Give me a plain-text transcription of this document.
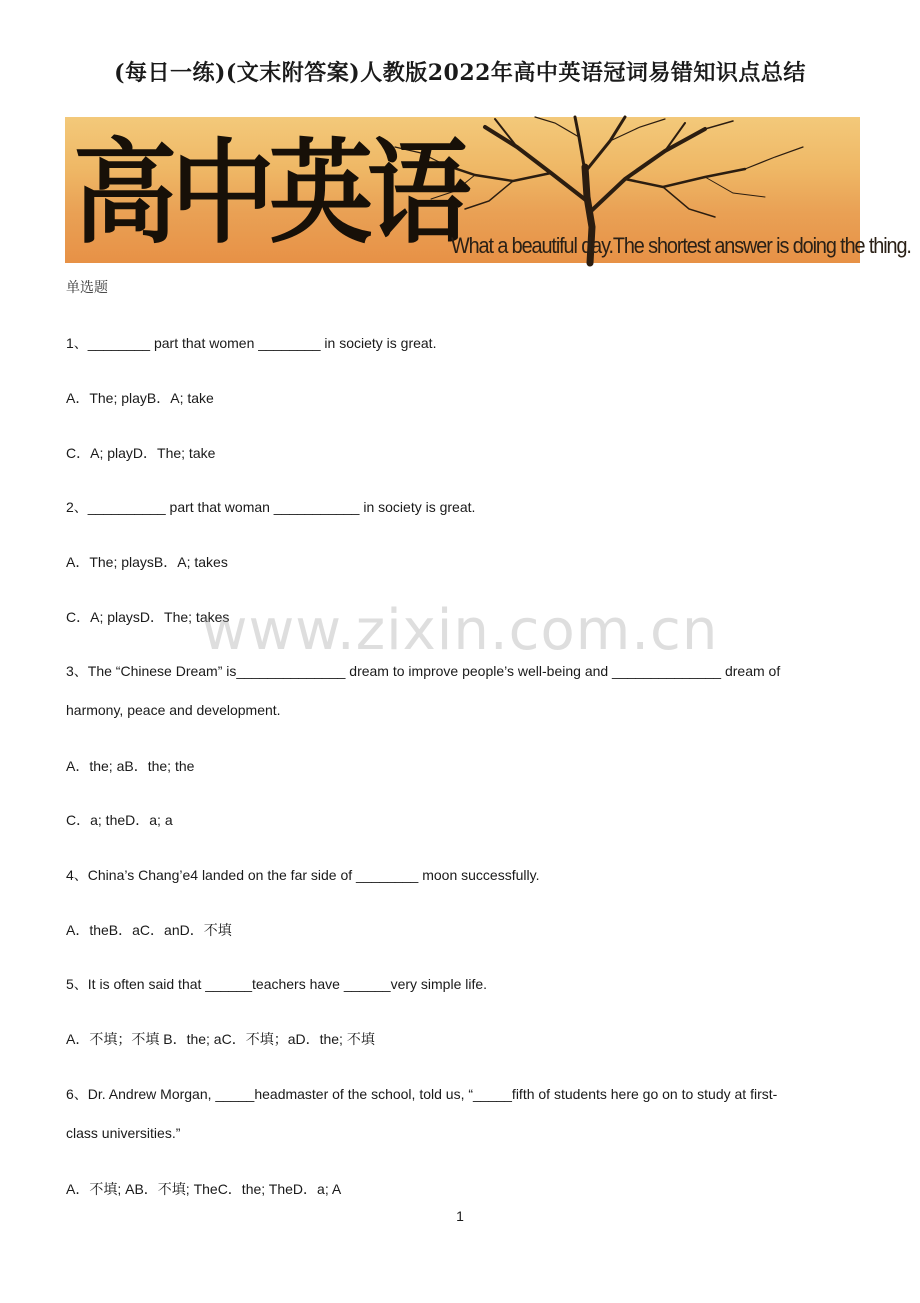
(每日一练)(文末附答案)人教版2022年高中英语冠词易错知识点总结
高中英语
What a beautiful day.The shortest answer is doing the thing.
单选题
1、________ part that women ________ in society is great.
A．The; playB．A; take
C．A; playD．The; take
2、__________ part that woman ___________ in society is great.
A．The; playsB．A; takes
C．A; playsD．The; takes
3、The “Chinese Dream” is______________ dream to improve people’s well-being and ______________ dream of
harmony, peace and development.
A．the; aB．the; the
C．a; theD．a; a
4、China’s Chang’e4 landed on the far side of ________ moon successfully.
A．theB．aC．anD．不填
5、It is often said that ______teachers have ______very simple life.
A．不填；不填 B．the; aC．不填；aD．the; 不填
6、Dr. Andrew Morgan, _____headmaster of the school, told us, “_____fifth of students here go on to study at first-
class universities.”
A．不填; AB．不填; TheC．the; TheD．a; A
www.zixin.com.cn
1
